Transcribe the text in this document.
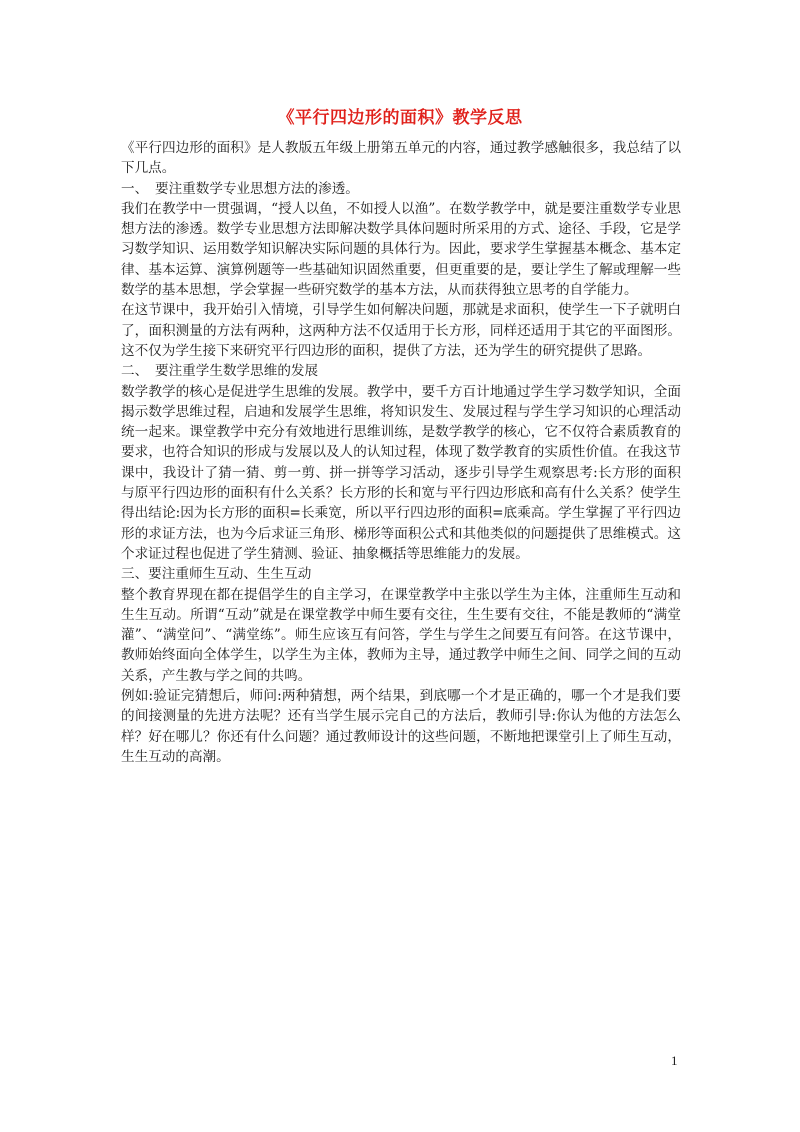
《平行四边形的面积》教学反思

《平行四边形的面积》是人教版五年级上册第五单元的内容，通过教学感触很多，我总结了以下几点。

一、　要注重数学专业思想方法的渗透。

我们在教学中一贯强调，“授人以鱼，不如授人以渔”。在数学教学中，就是要注重数学专业思想方法的渗透。数学专业思想方法即解决数学具体问题时所采用的方式、途径、手段，它是学习数学知识、运用数学知识解决实际问题的具体行为。因此，要求学生掌握基本概念、基本定律、基本运算、演算例题等一些基础知识固然重要，但更重要的是，要让学生了解或理解一些数学的基本思想，学会掌握一些研究数学的基本方法，从而获得独立思考的自学能力。

在这节课中，我开始引入情境，引导学生如何解决问题，那就是求面积，使学生一下子就明白了，面积测量的方法有两种，这两种方法不仅适用于长方形，同样还适用于其它的平面图形。这不仅为学生接下来研究平行四边形的面积，提供了方法，还为学生的研究提供了思路。

二、　要注重学生数学思维的发展

数学教学的核心是促进学生思维的发展。教学中，要千方百计地通过学生学习数学知识，全面揭示数学思维过程，启迪和发展学生思维，将知识发生、发展过程与学生学习知识的心理活动统一起来。课堂教学中充分有效地进行思维训练，是数学教学的核心，它不仅符合素质教育的要求，也符合知识的形成与发展以及人的认知过程，体现了数学教育的实质性价值。在我这节课中，我设计了猜一猜、剪一剪、拼一拼等学习活动，逐步引导学生观察思考:长方形的面积与原平行四边形的面积有什么关系？长方形的长和宽与平行四边形底和高有什么关系？使学生得出结论:因为长方形的面积=长乘宽，所以平行四边形的面积=底乘高。学生掌握了平行四边形的求证方法，也为今后求证三角形、梯形等面积公式和其他类似的问题提供了思维模式。这个求证过程也促进了学生猜测、验证、抽象概括等思维能力的发展。

三、要注重师生互动、生生互动

整个教育界现在都在提倡学生的自主学习，在课堂教学中主张以学生为主体，注重师生互动和生生互动。所谓“互动”就是在课堂教学中师生要有交往，生生要有交往，不能是教师的“满堂灌”、“满堂问”、“满堂练”。师生应该互有问答，学生与学生之间要互有问答。在这节课中，教师始终面向全体学生，以学生为主体，教师为主导，通过教学中师生之间、同学之间的互动关系，产生教与学之间的共鸣。

例如:验证完猜想后，师问:两种猜想，两个结果，到底哪一个才是正确的，哪一个才是我们要的间接测量的先进方法呢？还有当学生展示完自己的方法后，教师引导:你认为他的方法怎么样？好在哪儿？你还有什么问题？通过教师设计的这些问题，不断地把课堂引上了师生互动，生生互动的高潮。

1
